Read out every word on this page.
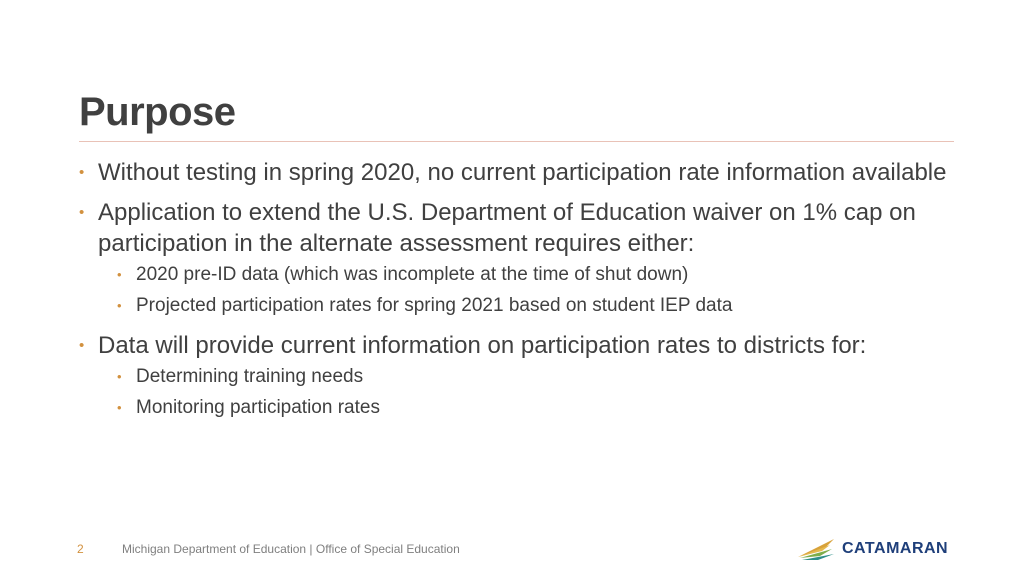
Purpose
• Without testing in spring 2020, no current participation rate information available
• Application to extend the U.S. Department of Education waiver on 1% cap on participation in the alternate assessment requires either:
• 2020 pre-ID data (which was incomplete at the time of shut down)
• Projected participation rates for spring 2021 based on student IEP data
• Data will provide current information on participation rates to districts for:
• Determining training needs
• Monitoring participation rates
2	Michigan Department of Education | Office of Special Education	CATAMARAN
